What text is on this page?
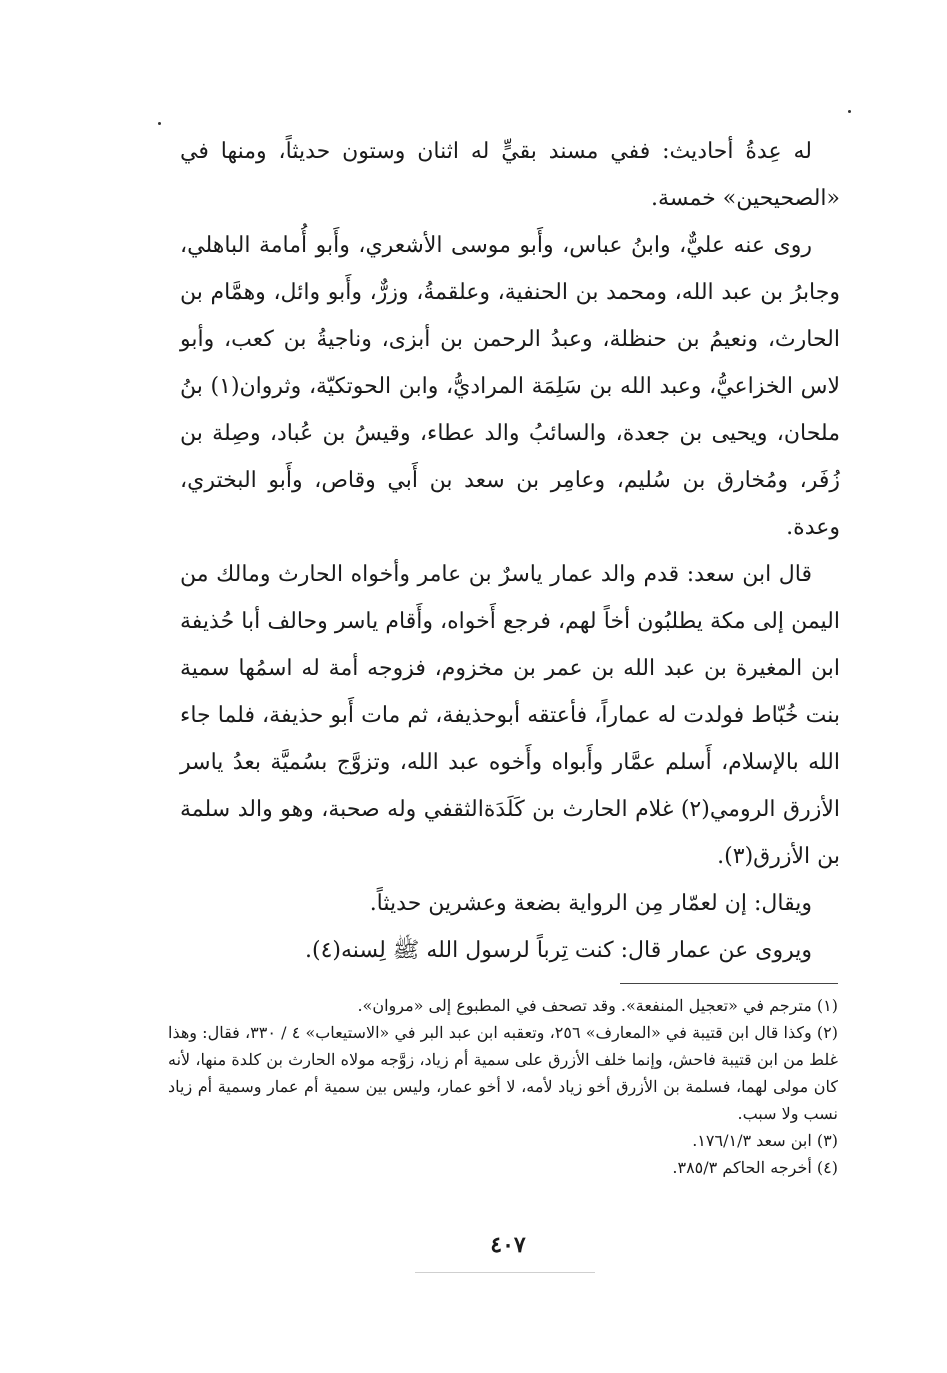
له عِدةُ أحاديث: ففي مسند بقيٍّ له اثنان وستون حديثاً، ومنها في «الصحيحين» خمسة.

روى عنه عليٌّ، وابنُ عباس، وأَبو موسى الأشعري، وأَبو أُمامة الباهلي، وجابرُ بن عبد الله، ومحمد بن الحنفية، وعلقمةُ، وزرٌّ، وأَبو وائل، وهمَّام بن الحارث، ونعيمُ بن حنظلة، وعبدُ الرحمن بن أبزى، وناجيةُ بن كعب، وأبو لاس الخزاعيُّ، وعبد الله بن سَلِمَة المراديُّ، وابن الحوتكيّة، وثروان(١) بنُ ملحان، ويحيى بن جعدة، والسائبُ والد عطاء، وقيسُ بن عُباد، وصِلة بن زُفَر، ومُخارق بن سُليم، وعامِر بن سعد بن أَبي وقاص، وأَبو البختري، وعدة.

قال ابن سعد: قدم والد عمار ياسرٌ بن عامر وأخواه الحارث ومالك من اليمن إلى مكة يطلبُون أخاً لهم، فرجع أَخواه، وأَقام ياسر وحالف أبا حُذيفة ابن المغيرة بن عبد الله بن عمر بن مخزوم، فزوجه أمة له اسمُها سمية بنت خُبّاط فولدت له عماراً، فأعتقه أبوحذيفة، ثم مات أَبو حذيفة، فلما جاء الله بالإسلام، أَسلم عمَّار وأَبواه وأَخوه عبد الله، وتزوَّج بسُميَّة بعدُ ياسر الأزرق الرومي(٢) غلام الحارث بن كَلَدَةالثقفي وله صحبة، وهو والد سلمة بن الأزرق(٣).

ويقال: إن لعمّار مِن الرواية بضعة وعشرين حديثاً.

ويروى عن عمار قال: كنت تِرباً لرسول الله ﷺ لِسنه(٤).

(١) مترجم في «تعجيل المنفعة». وقد تصحف في المطبوع إلى «مروان».

(٢) وكذا قال ابن قتيبة في «المعارف» ٢٥٦، وتعقبه ابن عبد البر في «الاستيعاب» ٤ / ٣٣٠، فقال: وهذا غلط من ابن قتيبة فاحش، وإنما خلف الأزرق على سمية أم زياد، زوَّجه مولاه الحارث بن كلدة منها، لأنه كان مولى لهما، فسلمة بن الأزرق أخو زياد لأمه، لا أخو عمار، وليس بين سمية أم عمار وسمية أم زياد نسب ولا سبب.

(٣) ابن سعد ١٧٦/١/٣.

(٤) أخرجه الحاكم ٣٨٥/٣.

٤٠٧
